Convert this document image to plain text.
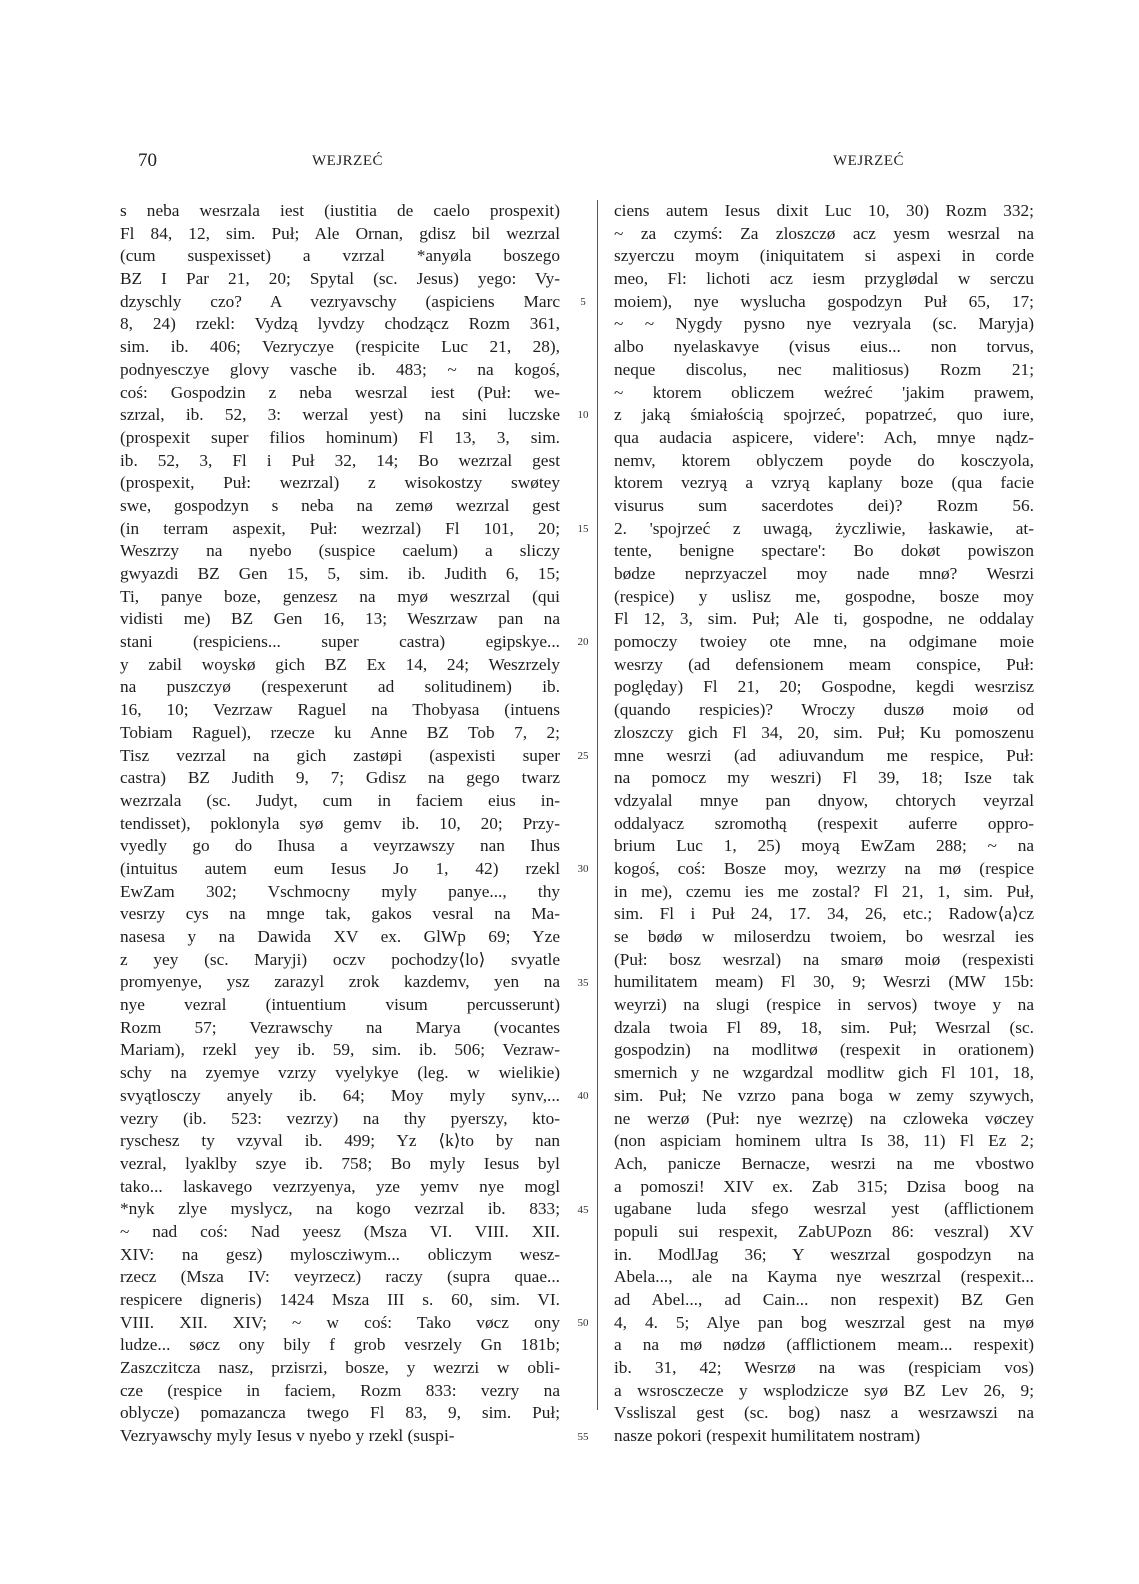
70	WEJRZEĆ	WEJRZEĆ
s neba wesrzala iest (iustitia de caelo prospexit)
Fl 84, 12, sim. Puł; Ale Ornan, gdisz bil wezrzal
(cum suspexisset) a vzrzal *anyøla boszego
BZ I Par 21, 20; Spytal (sc. Jesus) yego: Vy-
dzyschly czo? A vezryavschy (aspiciens Marc
8, 24) rzekl: Vydzą lyvdzy chodzącz Rozm 361,
sim. ib. 406; Vezryczye (respicite Luc 21, 28),
podnyesczye glovy vasche ib. 483; ~ na kogoś,
coś: Gospodzin z neba wesrzal iest (Puł: we-
szrzal, ib. 52, 3: werzal yest) na sini luczske
(prospexit super filios hominum) Fl 13, 3, sim.
ib. 52, 3, Fl i Puł 32, 14; Bo wezrzal gest
(prospexit, Puł: wezrzal) z wisokostzy swøtey
swe, gospodzyn s neba na zemø wezrzal gest
(in terram aspexit, Puł: wezrzal) Fl 101, 20;
Weszrzy na nyebo (suspice caelum) a sliczy
gwyazdi BZ Gen 15, 5, sim. ib. Judith 6, 15;
Ti, panye boze, genzesz na myø weszrzal (qui
vidisti me) BZ Gen 16, 13; Weszrzaw pan na
stani (respiciens... super castra) egipskye...
y zabil woyskø gich BZ Ex 14, 24; Weszrzely
na puszczyø (respexerunt ad solitudinem) ib.
16, 10; Vezrzaw Raguel na Thobyasa (intuens
Tobiam Raguel), rzecze ku Anne BZ Tob 7, 2;
Tisz vezrzal na gich zastøpi (aspexisti super
castra) BZ Judith 9, 7; Gdisz na gego twarz
wezrzala (sc. Judyt, cum in faciem eius in-
tendisset), poklonyla syø gemv ib. 10, 20; Przy-
vyedly go do Ihusa a veyrzawszy nan Ihus
(intuitus autem eum Iesus Jo 1, 42) rzekl
EwZam 302; Vschmocny myly panye..., thy
vesrzy cys na mnge tak, gakos vesral na Ma-
nasesa y na Dawida XV ex. GlWp 69; Yze
z yey (sc. Maryji) oczv pochodzy⟨lo⟩ svyatle
promyenye, ysz zarazyl zrok kazdemv, yen na
nye vezral (intuentium visum percusserunt)
Rozm 57; Vezrawschy na Marya (vocantes
Mariam), rzekl yey ib. 59, sim. ib. 506; Vezraw-
schy na zyemye vzrzy vyelykye (leg. w wielikie)
svyątlosczy anyely ib. 64; Moy myly synv,...
vezry (ib. 523: vezrzy) na thy pyerszy, kto-
ryschesz ty vzyval ib. 499; Yz ⟨k⟩to by nan
vezral, lyaklby szye ib. 758; Bo myly Iesus byl
tako... laskavego vezrzyenya, yze yemv nye mogl
*nyk zlye myslycz, na kogo vezrzal ib. 833;
~ nad coś: Nad yeesz (Msza VI. VIII. XII.
XIV: na gesz) myloscziwym... obliczym wesz-
rzecz (Msza IV: veyrzecz) raczy (supra quae...
respicere digneris) 1424 Msza III s. 60, sim. VI.
VIII. XII. XIV; ~ w coś: Tako vøcz ony
ludze... søcz ony bily f grob vesrzely Gn 181b;
Zaszczitcza nasz, przisrzi, bosze, y wezrzi w obli-
cze (respice in faciem, Rozm 833: vezry na
oblycze) pomazancza twego Fl 83, 9, sim. Puł;
Vezryawschy myly Iesus v nyebo y rzekl (suspi-
5
10
15
20
25
30
35
40
45
50
55
ciens autem Iesus dixit Luc 10, 30) Rozm 332;
~ za czymś: Za zloszczø acz yesm wesrzal na
szyerczu moym (iniquitatem si aspexi in corde
meo, Fl: lichoti acz iesm przyglødal w serczu
moiem), nye wyslucha gospodzyn Puł 65, 17;
~ ~ Nygdy pysno nye vezryala (sc. Maryja)
albo nyelaskavye (visus eius... non torvus,
neque discolus, nec malitiosus) Rozm 21;
~ ktorem obliczem weźreć 'jakim prawem,
z jaką śmiałością spojrzeć, popatrzeć, quo iure,
qua audacia aspicere, videre': Ach, mnye nądz-
nemv, ktorem oblyczem poyde do kosczyola,
ktorem vezryą a vzryą kaplany boze (qua facie
visurus sum sacerdotes dei)? Rozm 56.
2. 'spojrzeć z uwagą, życzliwie, łaskawie, at-
tente, benigne spectare': Bo dokøt powiszon
bødze neprzyaczel moy nade mnø? Wesrzi
(respice) y uslisz me, gospodne, bosze moy
Fl 12, 3, sim. Puł; Ale ti, gospodne, ne oddalay
pomoczy twoiey ote mne, na odgimane moie
wesrzy (ad defensionem meam conspice, Puł:
poględay) Fl 21, 20; Gospodne, kegdi wesrzisz
(quando respicies)? Wroczy duszø moiø od
zloszczy gich Fl 34, 20, sim. Puł; Ku pomoszenu
mne wesrzi (ad adiuvandum me respice, Puł:
na pomocz my weszri) Fl 39, 18; Isze tak
vdzyalal mnye pan dnyow, chtorych veyrzal
oddalyacz szromothą (respexit auferre oppro-
brium Luc 1, 25) moyą EwZam 288; ~ na
kogoś, coś: Bosze moy, wezrzy na mø (respice
in me), czemu ies me zostal? Fl 21, 1, sim. Puł,
sim. Fl i Puł 24, 17. 34, 26, etc.; Radow⟨a⟩cz
se bødø w miloserdzu twoiem, bo wesrzal ies
(Puł: bosz wesrzal) na smarø moiø (respexisti
humilitatem meam) Fl 30, 9; Wesrzi (MW 15b:
weyrzi) na slugi (respice in servos) twoye y na
dzala twoia Fl 89, 18, sim. Puł; Wesrzal (sc.
gospodzin) na modlitwø (respexit in orationem)
smernich y ne wzgardzal modlitw gich Fl 101, 18,
sim. Puł; Ne vzrzo pana boga w zemy szywych,
ne werzø (Puł: nye wezrzę) na czloweka vøczey
(non aspiciam hominem ultra Is 38, 11) Fl Ez 2;
Ach, panicze Bernacze, wesrzi na me vbostwo
a pomoszi! XIV ex. Zab 315; Dzisa boog na
ugabane luda sfego wesrzal yest (afflictionem
populi sui respexit, ZabUPozn 86: veszral) XV
in. ModlJag 36; Y weszrzal gospodzyn na
Abela..., ale na Kayma nye weszrzal (respexit...
ad Abel..., ad Cain... non respexit) BZ Gen
4, 4. 5; Alye pan bog weszrzal gest na myø
a na mø nødzø (afflictionem meam... respexit)
ib. 31, 42; Wesrzø na was (respiciam vos)
a wsrosczecze y wsplodzicze syø BZ Lev 26, 9;
Vssliszal gest (sc. bog) nasz a wesrzawszi na
nasze pokori (respexit humilitatem nostram)
